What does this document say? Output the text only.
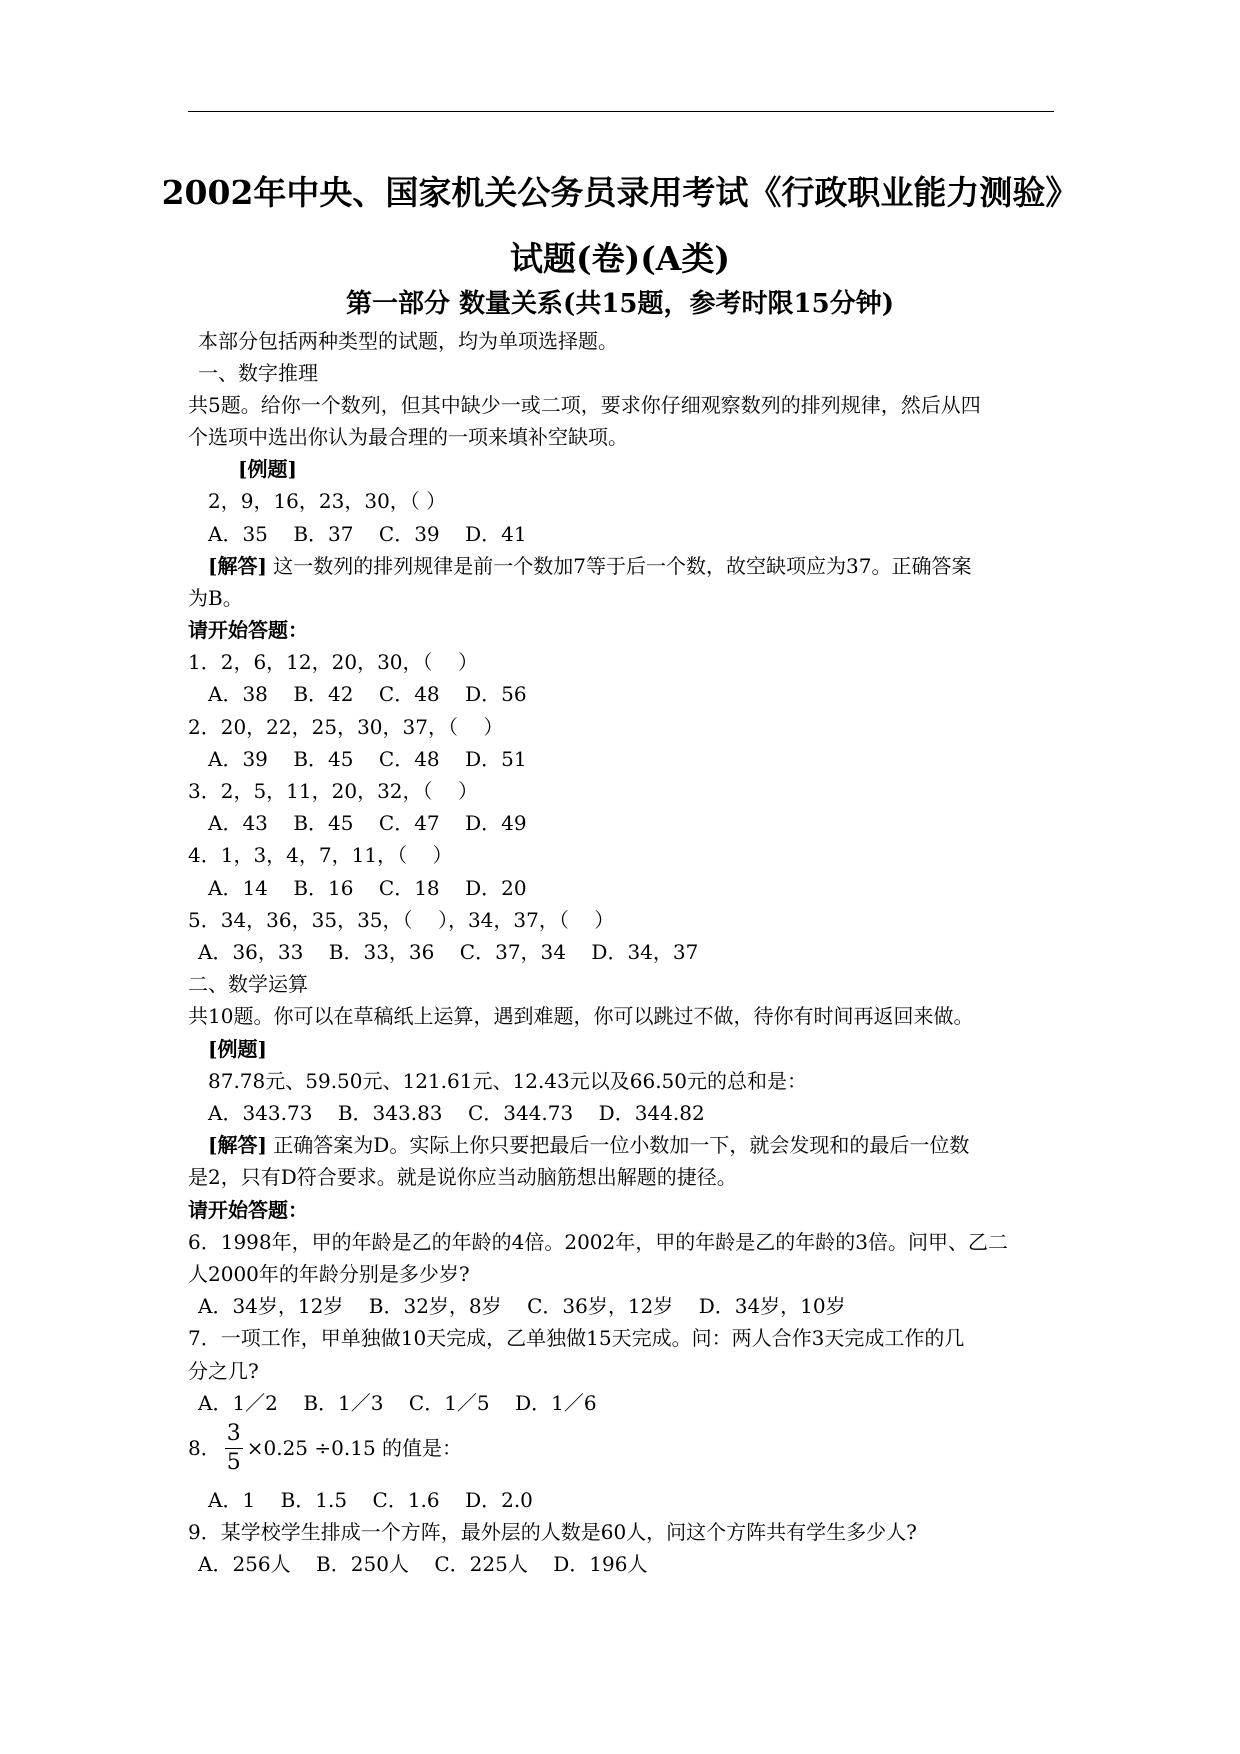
2002年中央、国家机关公务员录用考试《行政职业能力测验》
试题(卷)(A类)
第一部分 数量关系(共15题，参考时限15分钟)
本部分包括两种类型的试题，均为单项选择题。
一、数字推理
共5题。给你一个数列，但其中缺少一或二项，要求你仔细观察数列的排列规律，然后从四
个选项中选出你认为最合理的一项来填补空缺项。
[例题]
2，9，16，23，30，（ ）
A．35    B．37    C．39    D．41
[解答] 这一数列的排列规律是前一个数加7等于后一个数，故空缺项应为37。正确答案
为B。
请开始答题：
1．2，6，12，20，30，（    ）
A．38    B．42    C．48    D．56
2．20，22，25，30，37，（    ）
A．39    B．45    C．48    D．51
3．2，5，11，20，32，（    ）
A．43    B．45    C．47    D．49
4．1，3，4，7，11，（    ）
A．14    B．16    C．18    D．20
5．34，36，35，35，（    ），34，37，（    ）
A．36，33    B．33，36    C．37，34    D．34，37
二、数学运算
共10题。你可以在草稿纸上运算，遇到难题，你可以跳过不做，待你有时间再返回来做。
[例题]
87.78元、59.50元、121.61元、12.43元以及66.50元的总和是：
A．343.73    B．343.83    C．344.73    D．344.82
[解答] 正确答案为D。实际上你只要把最后一位小数加一下，就会发现和的最后一位数
是2，只有D符合要求。就是说你应当动脑筋想出解题的捷径。
请开始答题：
6．1998年，甲的年龄是乙的年龄的4倍。2002年，甲的年龄是乙的年龄的3倍。问甲、乙二
人2000年的年龄分别是多少岁?
A．34岁，12岁    B．32岁，8岁    C．36岁，12岁    D．34岁，10岁
7．一项工作，甲单独做10天完成，乙单独做15天完成。问：两人合作3天完成工作的几
分之几?
A．1／2    B．1／3    C．1／5    D．1／6
8． $\frac{3}{5} \times 0.25 \div 0.15$ 的值是：
A．1    B．1.5    C．1.6    D．2.0
9．某学校学生排成一个方阵，最外层的人数是60人，问这个方阵共有学生多少人?
A．256人    B．250人    C．225人    D．196人
